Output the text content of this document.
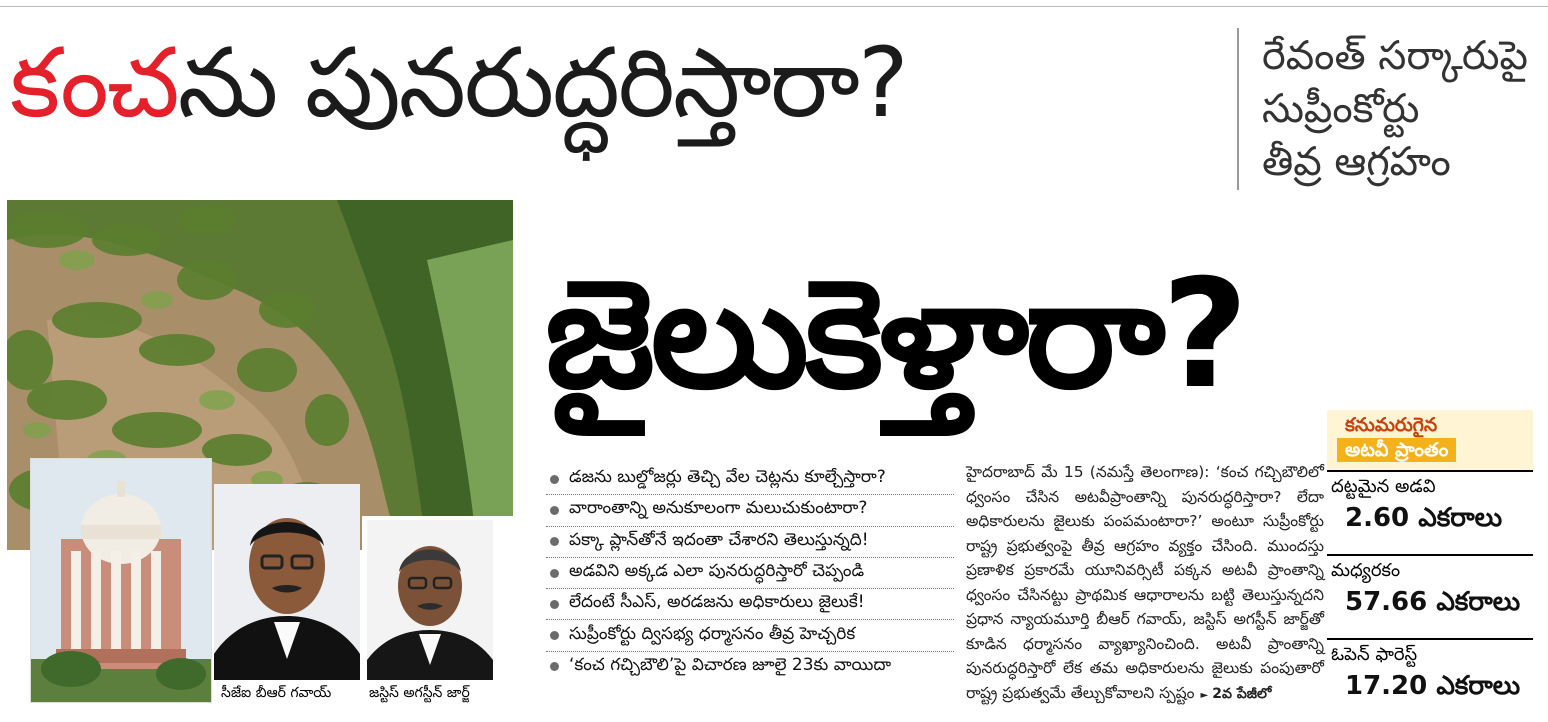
కంచను పునరుద్ధరిస్తారా?	రేవంత్ సర్కారుపై
సుప్రీంకోర్టు
తీవ్ర ఆగ్రహం
సీజేఐ బీఆర్ గవాయ్	జస్టిస్ అగస్టీన్ జార్జ్
జైలుకెళ్తారా?
డజను బుల్డోజర్లు తెచ్చి వేల చెట్లను కూల్చేస్తారా?
వారాంతాన్ని అనుకూలంగా మలుచుకుంటారా?
పక్కా ప్లాన్‌తోనే ఇదంతా చేశారని తెలుస్తున్నది!
అడవిని అక్కడ ఎలా పునరుద్ధరిస్తారో చెప్పండి
లేదంటే సీఎస్, అరడజను అధికారులు జైలుకే!
సుప్రీంకోర్టు ద్విసభ్య ధర్మాసనం తీవ్ర హెచ్చరిక
‘కంచ గచ్చిబౌలి’పై విచారణ జూలై 23కు వాయిదా

హైదరాబాద్ మే 15 (నమస్తే తెలంగాణ): ‘కంచ గచ్చిబౌలిలో ధ్వంసం చేసిన అటవీప్రాంతాన్ని పునరుద్ధరిస్తారా? లేదా అధికారులను జైలుకు పంపమంటారా?’ అంటూ సుప్రీంకోర్టు రాష్ట్ర ప్రభుత్వంపై తీవ్ర ఆగ్రహం వ్యక్తం చేసింది. ముందస్తు ప్రణాళిక ప్రకారమే యూనివర్సిటీ పక్కన అటవీ ప్రాంతాన్ని ధ్వంసం చేసినట్టు ప్రాథమిక ఆధారాలను బట్టి తెలుస్తున్నదని ప్రధాన న్యాయమూర్తి బీఆర్ గవాయ్, జస్టిస్ అగస్టీన్ జార్జ్‌తో కూడిన ధర్మాసనం వ్యాఖ్యానించింది. అటవీ ప్రాంతాన్ని పునరుద్ధరిస్తారో లేక తమ అధికారులను జైలుకు పంపుతారో రాష్ట్ర ప్రభుత్వమే తేల్చుకోవాలని స్పష్టం► 2వ పేజీలో

కనుమరుగైన
అటవీ ప్రాంతం
దట్టమైన అడవి
2.60 ఎకరాలు
మధ్యరకం
57.66 ఎకరాలు
ఓపెన్ ఫారెస్ట్
17.20 ఎకరాలు
